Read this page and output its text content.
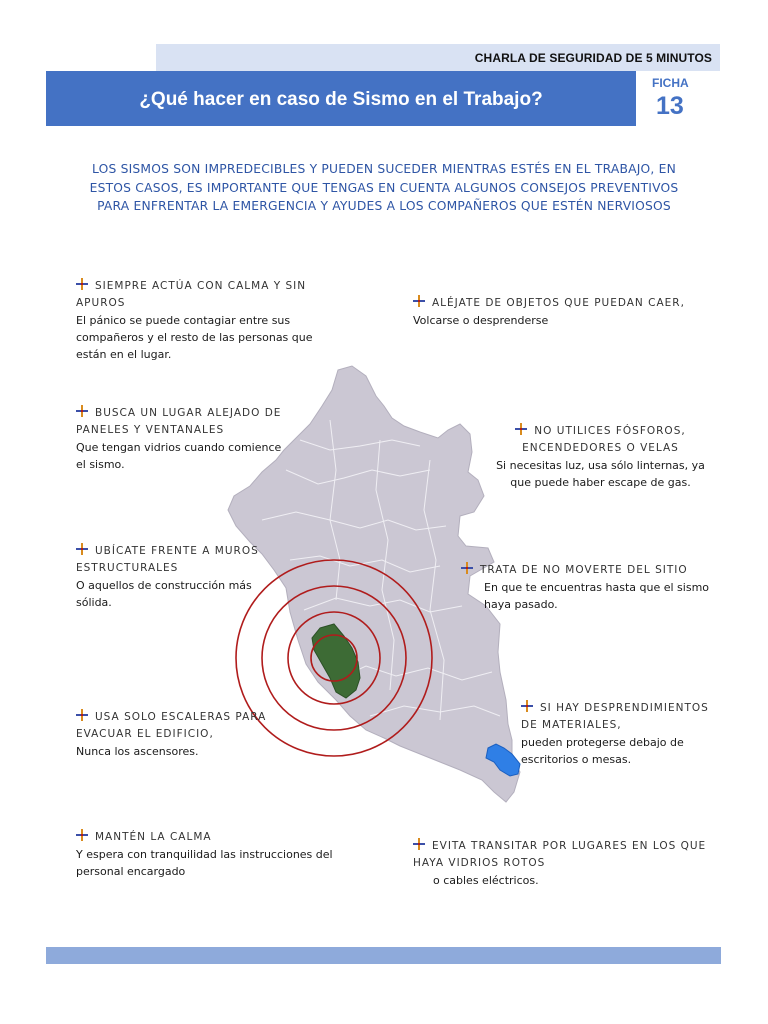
CHARLA DE SEGURIDAD DE 5 MINUTOS
¿Qué hacer en caso de Sismo en el Trabajo?
FICHA
13
LOS SISMOS SON IMPREDECIBLES Y PUEDEN SUCEDER MIENTRAS ESTÉS EN EL TRABAJO, EN ESTOS CASOS, ES IMPORTANTE QUE TENGAS EN CUENTA ALGUNOS CONSEJOS PREVENTIVOS PARA ENFRENTAR LA EMERGENCIA Y AYUDES A LOS COMPAÑEROS QUE ESTÉN NERVIOSOS
SIEMPRE ACTÚA CON CALMA Y SIN APUROS
El pánico se puede contagiar entre sus compañeros y el resto de las personas que están en el lugar.
ALÉJATE DE OBJETOS QUE PUEDAN CAER,
Volcarse o desprenderse
BUSCA UN LUGAR ALEJADO DE PANELES Y VENTANALES
Que tengan vidrios cuando comience el sismo.
NO UTILICES FÓSFOROS, ENCENDEDORES O VELAS
Si necesitas luz, usa sólo linternas, ya que puede haber escape de gas.
UBÍCATE FRENTE A MUROS ESTRUCTURALES
O aquellos de construcción más sólida.
TRATA DE NO MOVERTE DEL SITIO
En que te encuentras hasta que el sismo haya pasado.
USA SOLO ESCALERAS PARA EVACUAR EL EDIFICIO,
Nunca los ascensores.
SI HAY DESPRENDIMIENTOS DE MATERIALES,
pueden protegerse debajo de escritorios o mesas.
MANTÉN LA CALMA
Y espera con tranquilidad las instrucciones del personal encargado
EVITA TRANSITAR POR LUGARES EN LOS QUE HAYA VIDRIOS ROTOS
o cables eléctricos.
